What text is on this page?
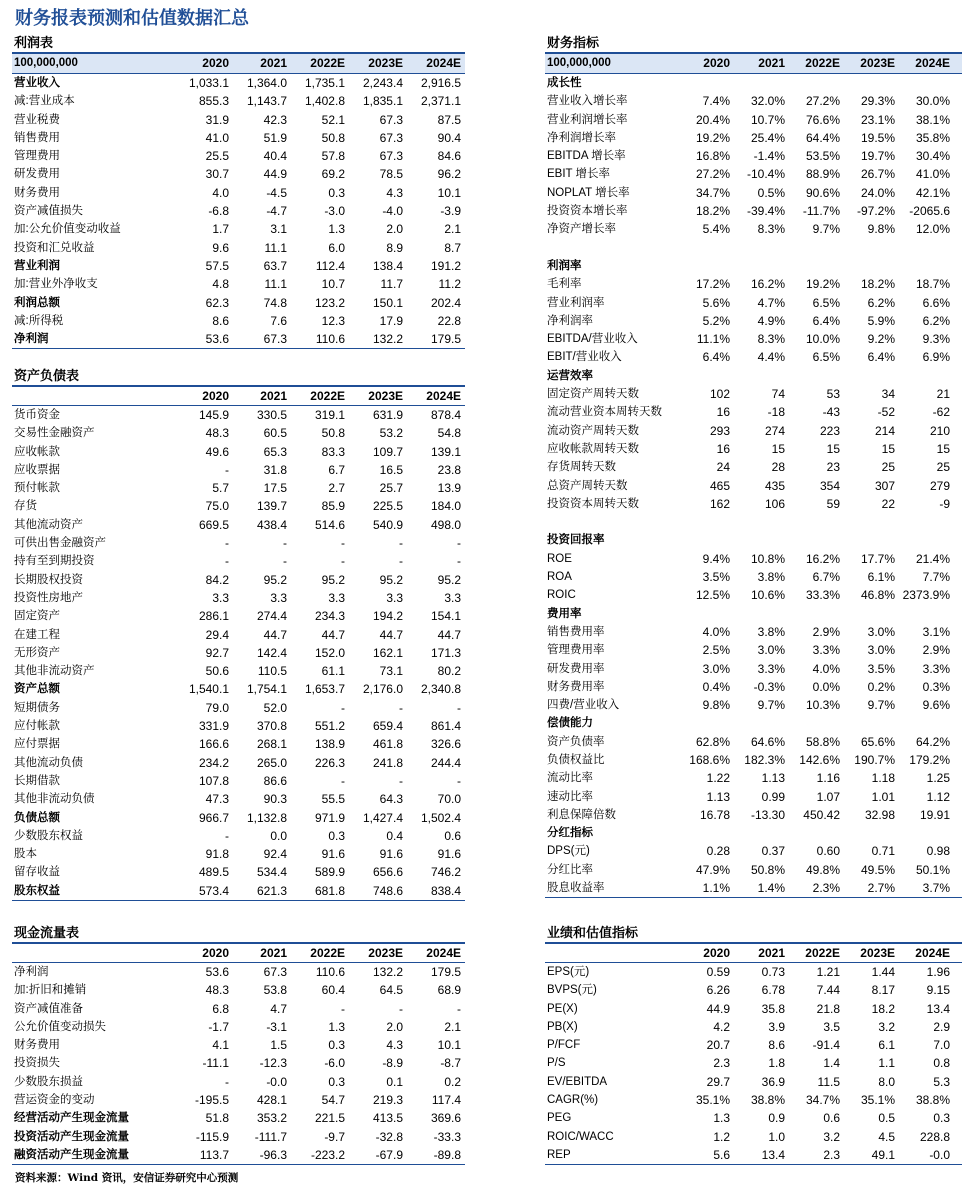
财务报表预测和估值数据汇总
利润表
100,000,000	2020	2021	2022E	2023E	2024E
营业收入	1,033.1	1,364.0	1,735.1	2,243.4	2,916.5
减:营业成本	855.3	1,143.7	1,402.8	1,835.1	2,371.1
营业税费	31.9	42.3	52.1	67.3	87.5
销售费用	41.0	51.9	50.8	67.3	90.4
管理费用	25.5	40.4	57.8	67.3	84.6
研发费用	30.7	44.9	69.2	78.5	96.2
财务费用	4.0	-4.5	0.3	4.3	10.1
资产减值损失	-6.8	-4.7	-3.0	-4.0	-3.9
加:公允价值变动收益	1.7	3.1	1.3	2.0	2.1
投资和汇兑收益	9.6	11.1	6.0	8.9	8.7
营业利润	57.5	63.7	112.4	138.4	191.2
加:营业外净收支	4.8	11.1	10.7	11.7	11.2
利润总额	62.3	74.8	123.2	150.1	202.4
减:所得税	8.6	7.6	12.3	17.9	22.8
净利润	53.6	67.3	110.6	132.2	179.5
资产负债表
2020	2021	2022E	2023E	2024E
货币资金	145.9	330.5	319.1	631.9	878.4
交易性金融资产	48.3	60.5	50.8	53.2	54.8
应收帐款	49.6	65.3	83.3	109.7	139.1
应收票据	-	31.8	6.7	16.5	23.8
预付帐款	5.7	17.5	2.7	25.7	13.9
存货	75.0	139.7	85.9	225.5	184.0
其他流动资产	669.5	438.4	514.6	540.9	498.0
可供出售金融资产	-	-	-	-	-
持有至到期投资	-	-	-	-	-
长期股权投资	84.2	95.2	95.2	95.2	95.2
投资性房地产	3.3	3.3	3.3	3.3	3.3
固定资产	286.1	274.4	234.3	194.2	154.1
在建工程	29.4	44.7	44.7	44.7	44.7
无形资产	92.7	142.4	152.0	162.1	171.3
其他非流动资产	50.6	110.5	61.1	73.1	80.2
资产总额	1,540.1	1,754.1	1,653.7	2,176.0	2,340.8
短期债务	79.0	52.0	-	-	-
应付帐款	331.9	370.8	551.2	659.4	861.4
应付票据	166.6	268.1	138.9	461.8	326.6
其他流动负债	234.2	265.0	226.3	241.8	244.4
长期借款	107.8	86.6	-	-	-
其他非流动负债	47.3	90.3	55.5	64.3	70.0
负债总额	966.7	1,132.8	971.9	1,427.4	1,502.4
少数股东权益	-	0.0	0.3	0.4	0.6
股本	91.8	92.4	91.6	91.6	91.6
留存收益	489.5	534.4	589.9	656.6	746.2
股东权益	573.4	621.3	681.8	748.6	838.4
现金流量表
2020	2021	2022E	2023E	2024E
净利润	53.6	67.3	110.6	132.2	179.5
加:折旧和摊销	48.3	53.8	60.4	64.5	68.9
资产减值准备	6.8	4.7	-	-	-
公允价值变动损失	-1.7	-3.1	1.3	2.0	2.1
财务费用	4.1	1.5	0.3	4.3	10.1
投资损失	-11.1	-12.3	-6.0	-8.9	-8.7
少数股东损益	-	-0.0	0.3	0.1	0.2
营运资金的变动	-195.5	428.1	54.7	219.3	117.4
经营活动产生现金流量	51.8	353.2	221.5	413.5	369.6
投资活动产生现金流量	-115.9	-111.7	-9.7	-32.8	-33.3
融资活动产生现金流量	113.7	-96.3	-223.2	-67.9	-89.8
财务指标
100,000,000	2020	2021	2022E	2023E	2024E
成长性
营业收入增长率	7.4%	32.0%	27.2%	29.3%	30.0%
营业利润增长率	20.4%	10.7%	76.6%	23.1%	38.1%
净利润增长率	19.2%	25.4%	64.4%	19.5%	35.8%
EBITDA 增长率	16.8%	-1.4%	53.5%	19.7%	30.4%
EBIT 增长率	27.2%	-10.4%	88.9%	26.7%	41.0%
NOPLAT 增长率	34.7%	0.5%	90.6%	24.0%	42.1%
投资资本增长率	18.2%	-39.4%	-11.7%	-97.2%	-2065.6
净资产增长率	5.4%	8.3%	9.7%	9.8%	12.0%
利润率
毛利率	17.2%	16.2%	19.2%	18.2%	18.7%
营业利润率	5.6%	4.7%	6.5%	6.2%	6.6%
净利润率	5.2%	4.9%	6.4%	5.9%	6.2%
EBITDA/营业收入	11.1%	8.3%	10.0%	9.2%	9.3%
EBIT/营业收入	6.4%	4.4%	6.5%	6.4%	6.9%
运营效率
固定资产周转天数	102	74	53	34	21
流动营业资本周转天数	16	-18	-43	-52	-62
流动资产周转天数	293	274	223	214	210
应收帐款周转天数	16	15	15	15	15
存货周转天数	24	28	23	25	25
总资产周转天数	465	435	354	307	279
投资资本周转天数	162	106	59	22	-9
投资回报率
ROE	9.4%	10.8%	16.2%	17.7%	21.4%
ROA	3.5%	3.8%	6.7%	6.1%	7.7%
ROIC	12.5%	10.6%	33.3%	46.8% 2373.9%
费用率
销售费用率	4.0%	3.8%	2.9%	3.0%	3.1%
管理费用率	2.5%	3.0%	3.3%	3.0%	2.9%
研发费用率	3.0%	3.3%	4.0%	3.5%	3.3%
财务费用率	0.4%	-0.3%	0.0%	0.2%	0.3%
四费/营业收入	9.8%	9.7%	10.3%	9.7%	9.6%
偿债能力
资产负债率	62.8%	64.6%	58.8%	65.6%	64.2%
负债权益比	168.6%	182.3%	142.6%	190.7%	179.2%
流动比率	1.22	1.13	1.16	1.18	1.25
速动比率	1.13	0.99	1.07	1.01	1.12
利息保障倍数	16.78	-13.30	450.42	32.98	19.91
分红指标
DPS(元)	0.28	0.37	0.60	0.71	0.98
分红比率	47.9%	50.8%	49.8%	49.5%	50.1%
股息收益率	1.1%	1.4%	2.3%	2.7%	3.7%
业绩和估值指标
2020	2021	2022E	2023E	2024E
EPS(元)	0.59	0.73	1.21	1.44	1.96
BVPS(元)	6.26	6.78	7.44	8.17	9.15
PE(X)	44.9	35.8	21.8	18.2	13.4
PB(X)	4.2	3.9	3.5	3.2	2.9
P/FCF	20.7	8.6	-91.4	6.1	7.0
P/S	2.3	1.8	1.4	1.1	0.8
EV/EBITDA	29.7	36.9	11.5	8.0	5.3
CAGR(%)	35.1%	38.8%	34.7%	35.1%	38.8%
PEG	1.3	0.9	0.6	0.5	0.3
ROIC/WACC	1.2	1.0	3.2	4.5	228.8
REP	5.6	13.4	2.3	49.1	-0.0
资料来源：Wind 资讯，安信证券研究中心预测
